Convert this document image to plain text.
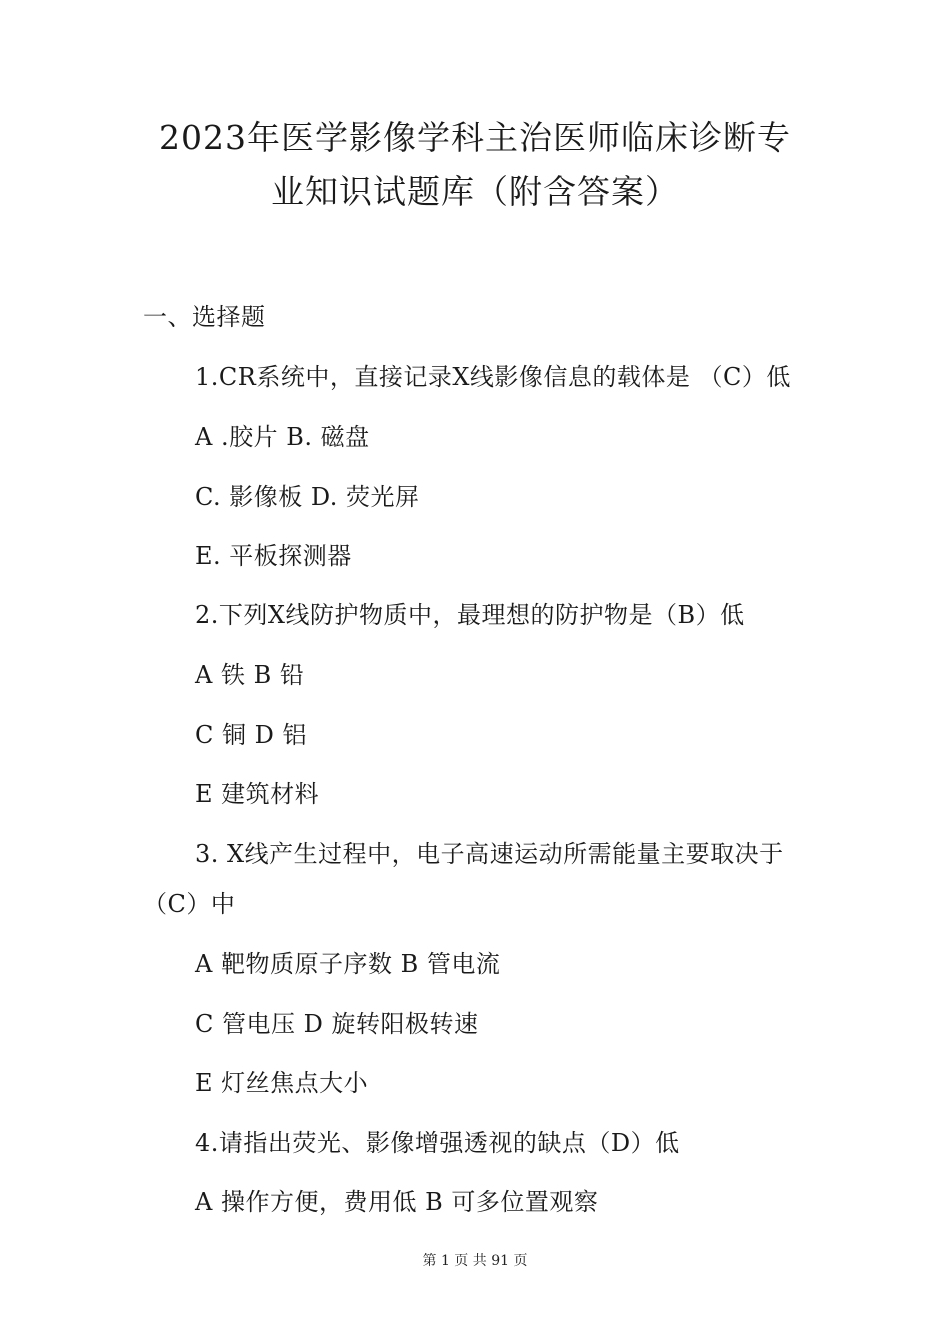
2023年医学影像学科主治医师临床诊断专
业知识试题库（附含答案）
一、选择题
1.CR系统中，直接记录X线影像信息的载体是 （C）低
A .胶片 B. 磁盘
C. 影像板 D. 荧光屏
E. 平板探测器
2.下列X线防护物质中，最理想的防护物是（B）低
A 铁 B 铅
C 铜 D 铝
E 建筑材料
3. X线产生过程中，电子高速运动所需能量主要取决于
（C）中
A 靶物质原子序数 B 管电流
C 管电压 D 旋转阳极转速
E 灯丝焦点大小
4.请指出荧光、影像增强透视的缺点（D）低
A 操作方便，费用低 B 可多位置观察
第 1 页 共 91 页
